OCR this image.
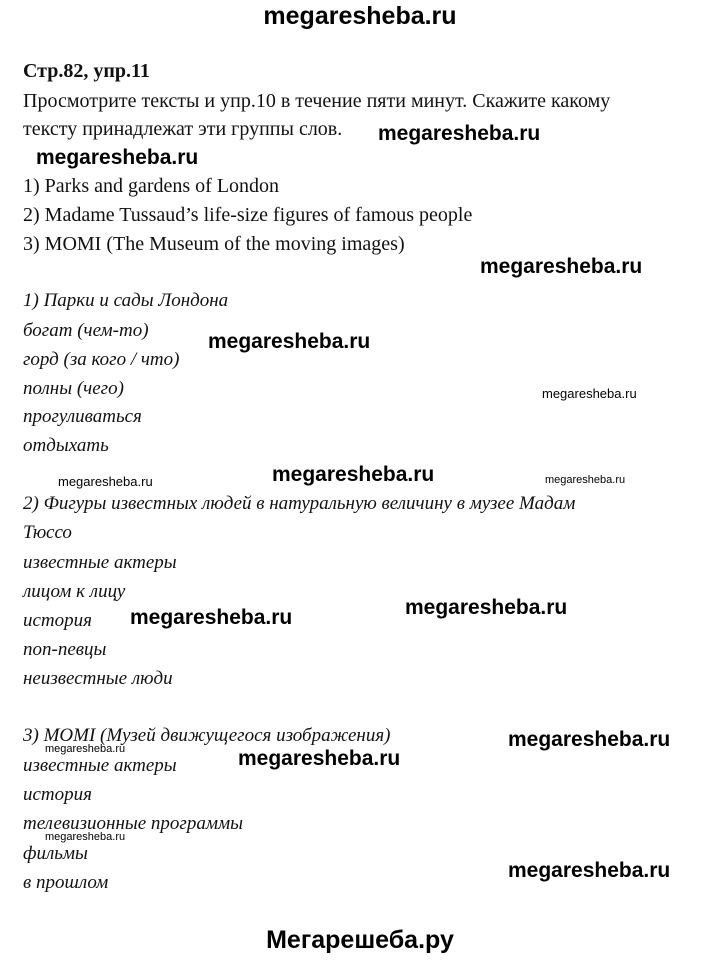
megaresheba.ru
megaresheba.ru
megaresheba.ru
megaresheba.ru
megaresheba.ru
megaresheba.ru
megaresheba.ru	megaresheba.ru	megaresheba.ru
megaresheba.ru	megaresheba.ru
megaresheba.ru
megaresheba.ru	megaresheba.ru
megaresheba.ru
megaresheba.ru
Мегарешеба.ру
Стр.82, упр.11
Просмотрите тексты и упр.10 в течение пяти минут. Скажите какому
тексту принадлежат эти группы слов.
1) Parks and gardens of London
2) Madame Tussaud’s life-size figures of famous people
3) MOMI (The Museum of the moving images)
1) Парки и сады Лондона
богат (чем-то)
горд (за кого / что)
полны (чего)
прогуливаться
отдыхать
2) Фигуры известных людей в натуральную величину в музее Мадам
Тюссо
известные актеры
лицом к лицу
история
поп-певцы
неизвестные люди
3) MOMI (Музей движущегося изображения)
известные актеры
история
телевизионные программы
фильмы
в прошлом
